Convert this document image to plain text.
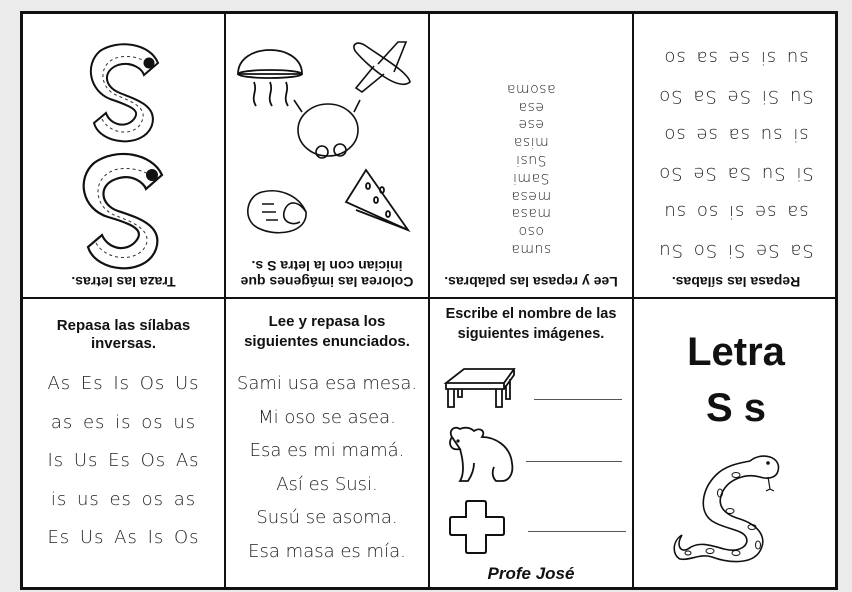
Traza las letras.	Colorea las imágenes que
inician con la letra S s.
Lee y repasa las palabras.
suma
oso
masa
mesa
Sami
Susi
misa
ese
esa
asoma
Repasa las sílabas.
Sa Se Si So Su
sa se si so su
Si Su Sa Se So
si su sa se so
Su Si Se Sa So
su si se sa so
Repasa las sílabas
inversas.
As Es Is Os Us
as es is os us
Is Us Es Os As
is us es os as
Es Us As Is Os
Lee y repasa los
siguientes enunciados.
Sami usa esa mesa.
Mi oso se asea.
Esa es mi mamá.
Así es Susi.
Susú se asoma.
Esa masa es mía.
Escribe el nombre de las
siguientes imágenes.
Profe José
Letra
S s
